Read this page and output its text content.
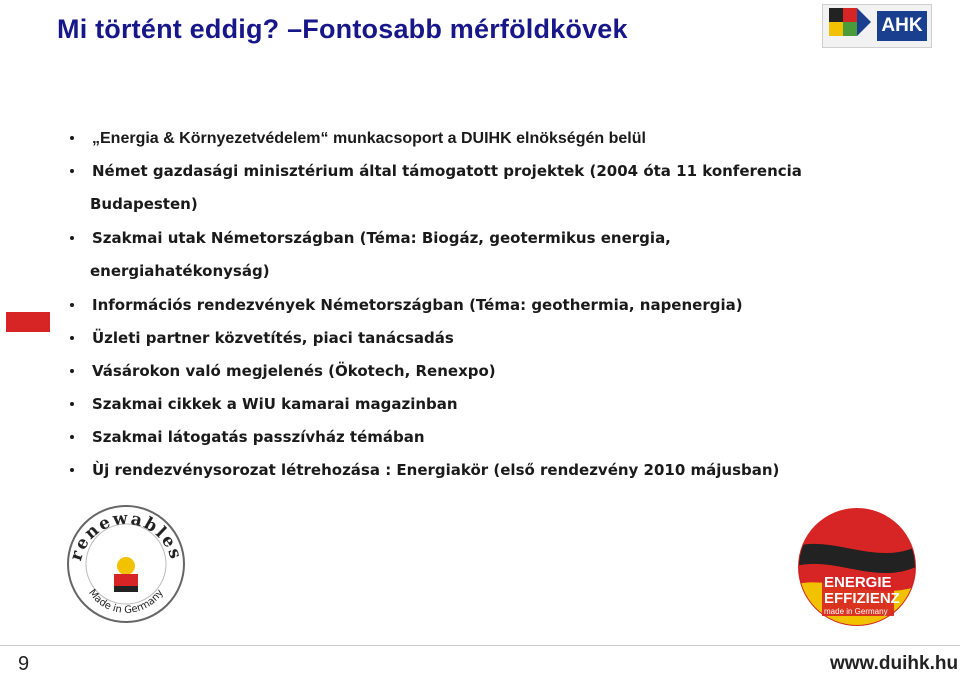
Mi történt eddig? –Fontosabb mérföldkövek	AHK
„Energia & Környezetvédelem“ munkacsoport a DUIHK elnökségén belül
Német gazdasági minisztérium által támogatott projektek (2004 óta 11 konferencia
Budapesten)
Szakmai utak Németországban (Téma: Biogáz, geotermikus energia,
energiahatékonyság)
Információs rendezvények Németországban (Téma: geothermia, napenergia)
Üzleti partner közvetítés, piaci tanácsadás
Vásárokon való megjelenés (Ökotech, Renexpo)
Szakmai cikkek a WiU kamarai magazinban
Szakmai látogatás passzívház témában
Ùj rendezvénysorozat létrehozása : Energiakör (első rendezvény 2010 májusban)
renewables
Made in Germany
ENERGIE
EFFIZIENZ
made in Germany
9	www.duihk.hu
